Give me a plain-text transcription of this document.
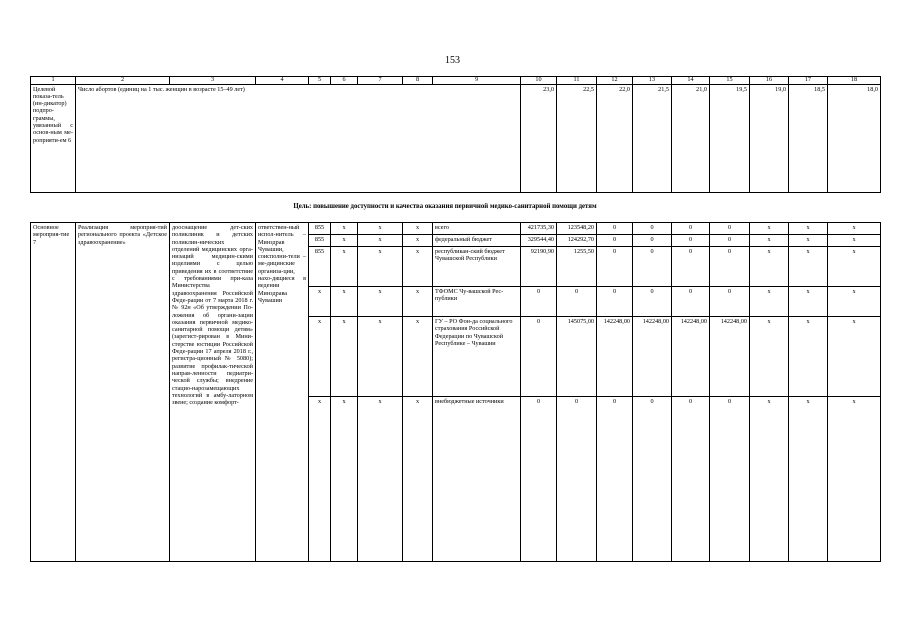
153
1	2	3	4	5	6	7	8	9	10	11	12	13	14	15	16	17	18
Целевой показа-тель (ин-дикатор) подпро-граммы, увязанный с основ-ным ме-роприяти-ем 6	Число абортов (единиц на 1 тыс. женщин в возрасте 15–49 лет)								23,0	22,5	22,0	21,5	21,0	19,5	19,0	18,5	18,0
Цель: повышение доступности и качества оказания первичной медико-санитарной помощи детям
Основное мероприя-тие 7	Реализация мероприя-тий регионального проекта «Детское здравоохранение»	дооснащение дет-ских поликлиник и детских поликлин-нических отделений медицинских орга-низаций медицин-скими изделиями с целью приведения их в соответствие с требованиями при-каза Министерства здравоохранения Российской Феде-рации от 7 марта 2018 г. № 92н «Об утверждении По-ложения об органи-зации оказания первичной медико-санитарной помощи детям» (зарегист-рирован в Мини-стерстве юстиции Российской Феде-рации 17 апреля 2018 г., регистра-ционный № 5080); развитие профилак-тической направ-ленности педиатри-ческой службы; внедрение стацио-нарозамещающих технологий в амбу-латорном звене; создание комфорт-	ответствен-ный испол-нитель – Минздрав Чувашии, соисполни-тели – ме-дицинские организа-ции, нахо-дящиеся в ведении Минздрава Чувашии	855	х	х	х	всего	421735,30	123548,20	0	0	0	0	х	х	х
				855	х	х	х	федеральный бюджет	329544,40	124292,70	0	0	0	0	х	х	х
				855	х	х	х	республикан-ский бюджет Чувашской Республики	92190,90	1255,50	0	0	0	0	х	х	х
				х	х	х	х	ТФОМС Чу-вашской Рес-публики	0	0	0	0	0	0	х	х	х
				х	х	х	х	ГУ – РО Фон-да социального страхования Российской Федерации по Чувашской Республике – Чувашии	0	145075,00	142248,00	142248,00	142248,00	142248,00	х	х	х
				х	х	х	х	внебюджетные источники	0	0	0	0	0	0	х	х	х
